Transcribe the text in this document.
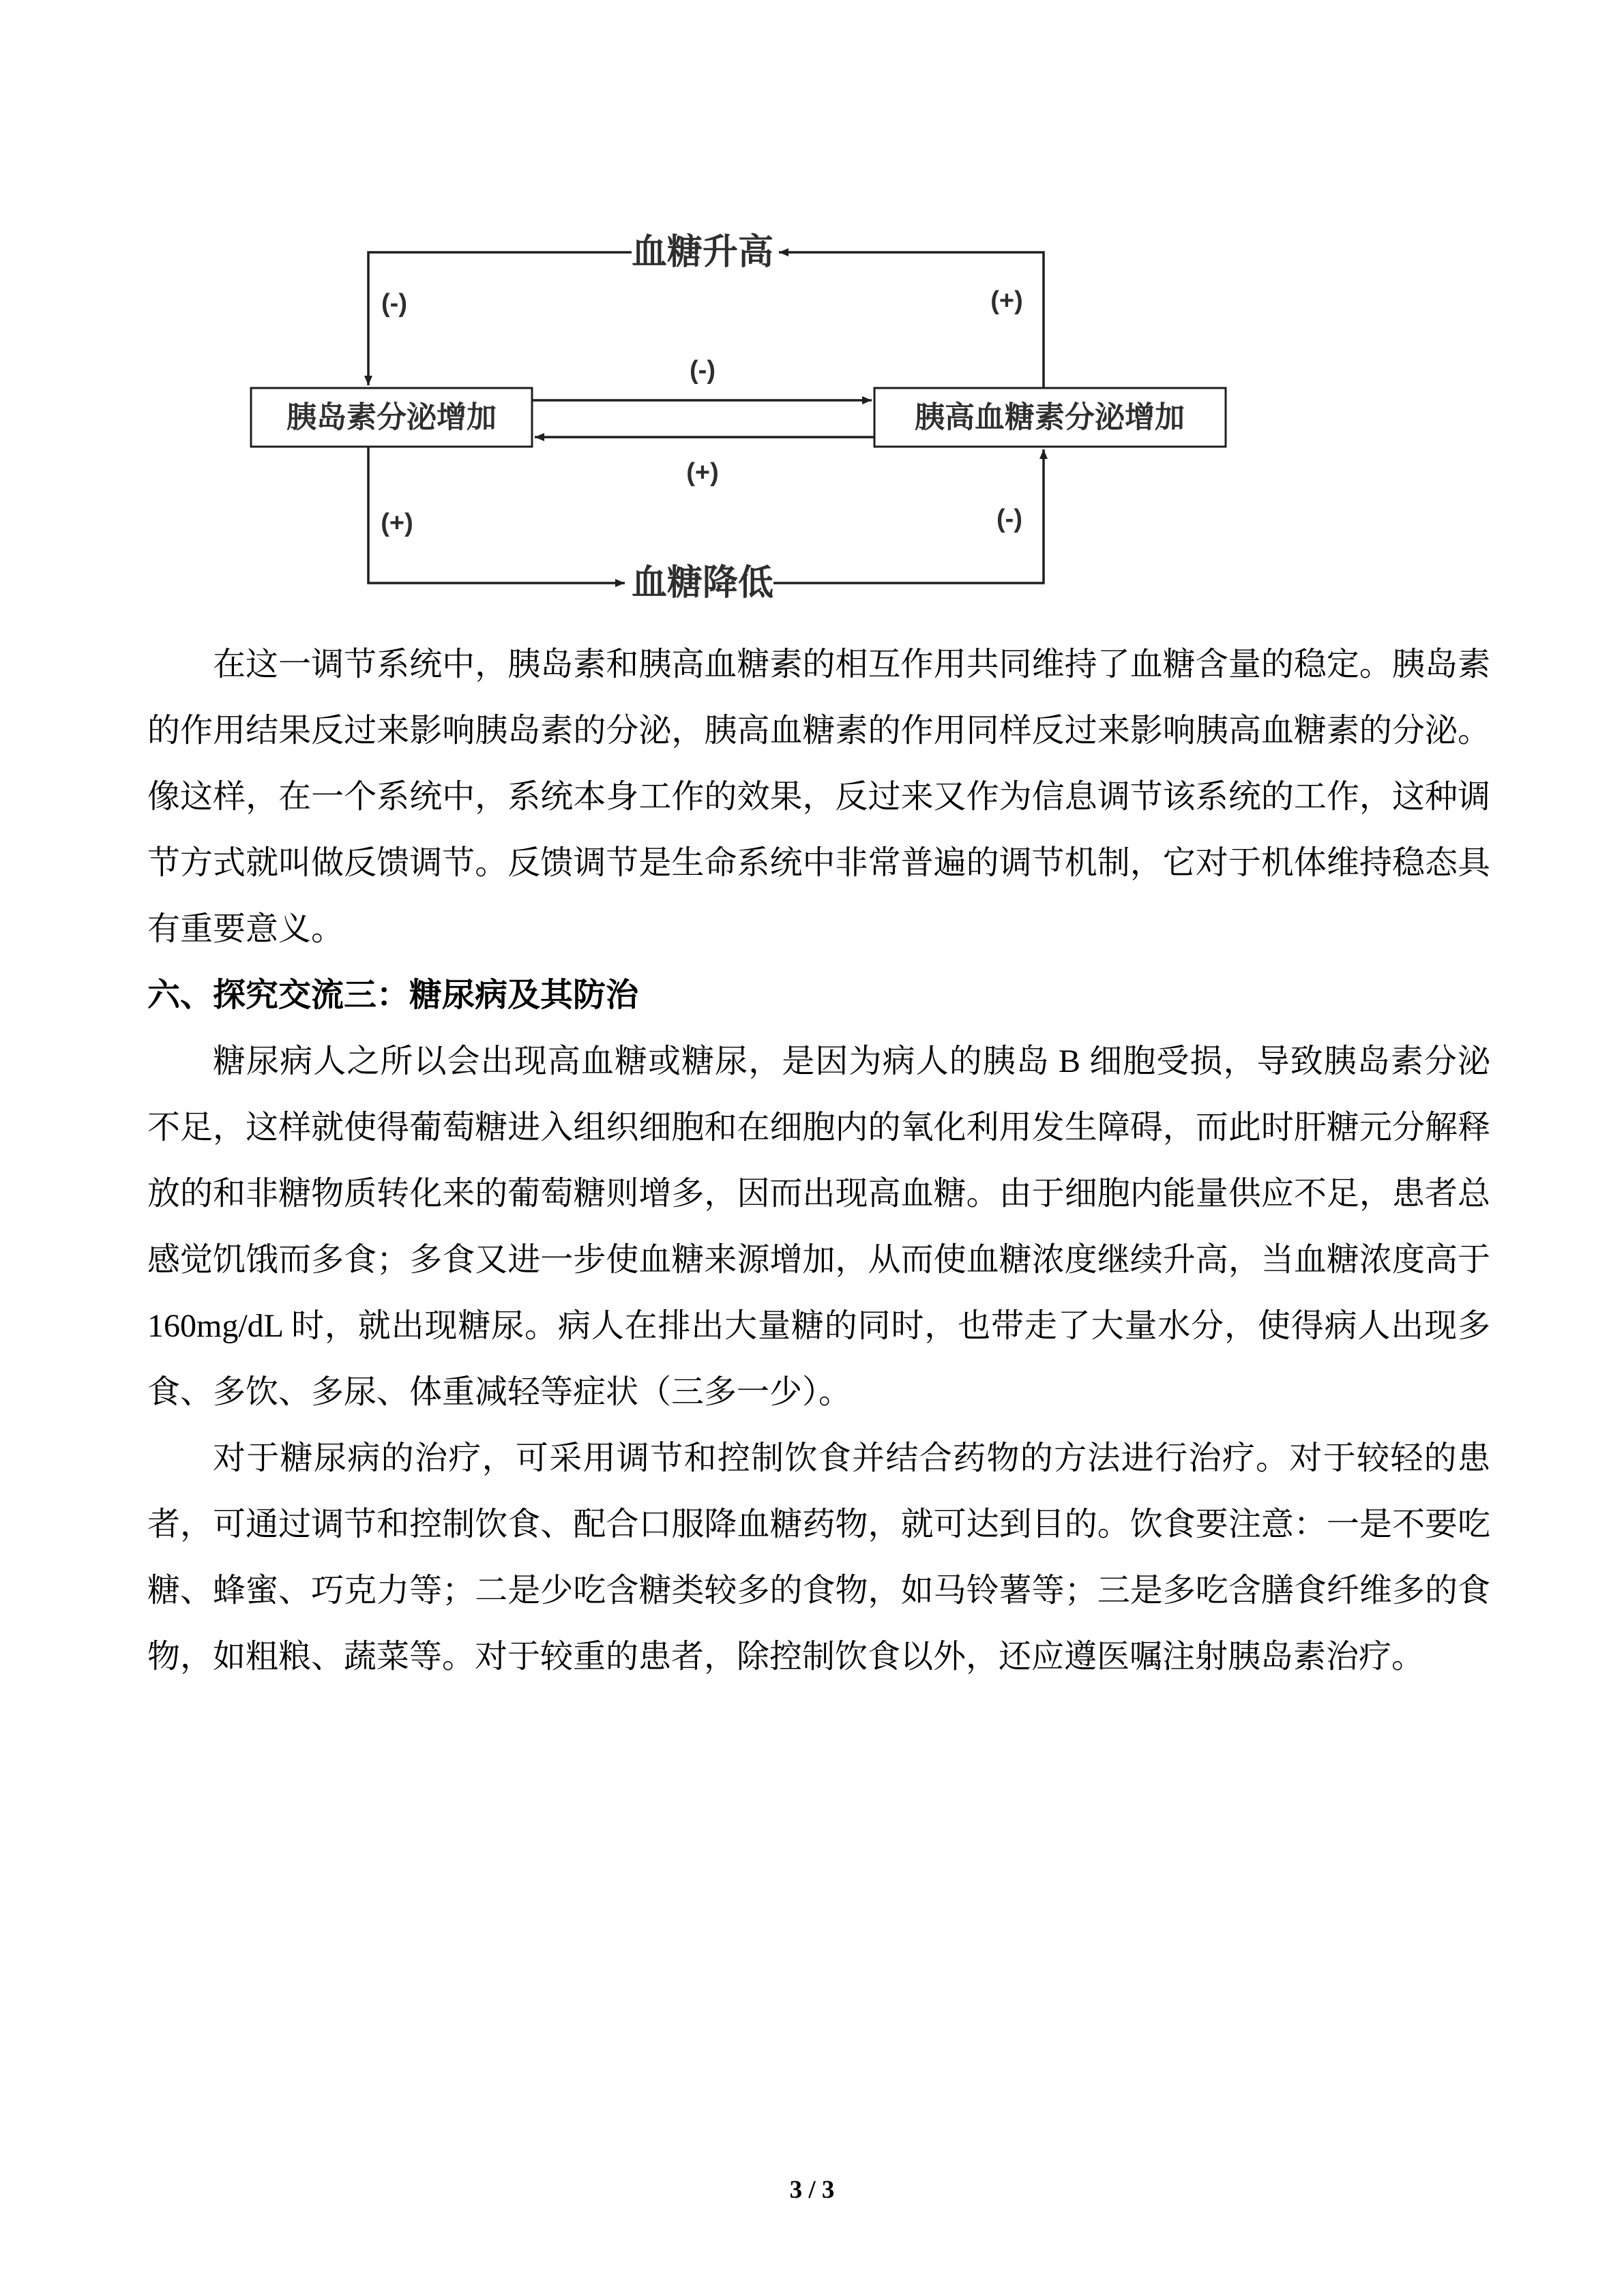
血糖升高
胰岛素分泌增加	胰高血糖素分泌增加
血糖降低
(-)	(+)
(-)
(+)
(+)	(-)

在这一调节系统中，胰岛素和胰高血糖素的相互作用共同维持了血糖含量的稳定。胰岛素的作用结果反过来影响胰岛素的分泌，胰高血糖素的作用同样反过来影响胰高血糖素的分泌。像这样，在一个系统中，系统本身工作的效果，反过来又作为信息调节该系统的工作，这种调节方式就叫做反馈调节。反馈调节是生命系统中非常普遍的调节机制，它对于机体维持稳态具有重要意义。

六、探究交流三：糖尿病及其防治

糖尿病人之所以会出现高血糖或糖尿，是因为病人的胰岛 B 细胞受损，导致胰岛素分泌不足，这样就使得葡萄糖进入组织细胞和在细胞内的氧化利用发生障碍，而此时肝糖元分解释放的和非糖物质转化来的葡萄糖则增多，因而出现高血糖。由于细胞内能量供应不足，患者总感觉饥饿而多食；多食又进一步使血糖来源增加，从而使血糖浓度继续升高，当血糖浓度高于 160mg/dL 时，就出现糖尿。病人在排出大量糖的同时，也带走了大量水分，使得病人出现多食、多饮、多尿、体重减轻等症状（三多一少）。

对于糖尿病的治疗，可采用调节和控制饮食并结合药物的方法进行治疗。对于较轻的患者，可通过调节和控制饮食、配合口服降血糖药物，就可达到目的。饮食要注意：一是不要吃糖、蜂蜜、巧克力等；二是少吃含糖类较多的食物，如马铃薯等；三是多吃含膳食纤维多的食物，如粗粮、蔬菜等。对于较重的患者，除控制饮食以外，还应遵医嘱注射胰岛素治疗。

3 / 3
